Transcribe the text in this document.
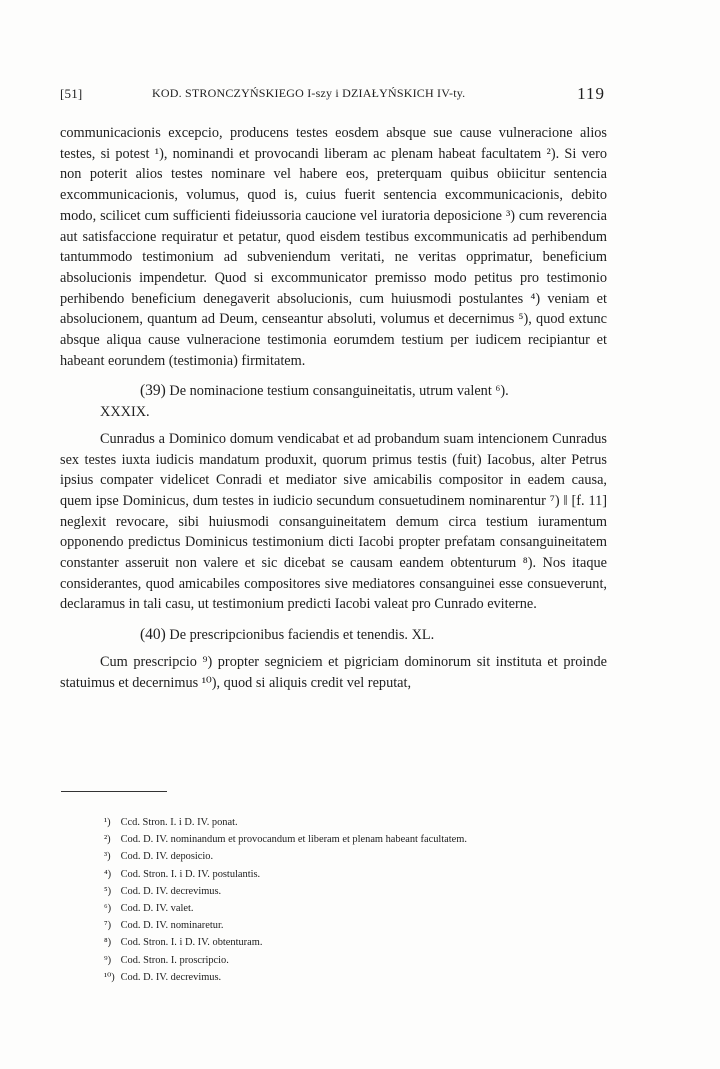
[51]	KOD. STRONCZYŃSKIEGO I-szy i DZIAŁYŃSKICH IV-ty.	119

communicacionis excepcio, producens testes eosdem absque sue cause vulneracione alios testes, si potest ¹), nominandi et provocandi liberam ac plenam habeat facultatem ²). Si vero non poterit alios testes nominare vel habere eos, preterquam quibus obiicitur sentencia excommunicacionis, volumus, quod is, cuius fuerit sentencia excommunicacionis, debito modo, scilicet cum sufficienti fideiussoria caucione vel iuratoria deposicione ³) cum reverencia aut satisfaccione requiratur et petatur, quod eisdem testibus excommunicatis ad perhibendum tantummodo testimonium ad subveniendum veritati, ne veritas opprimatur, beneficium absolucionis impendetur. Quod si excommunicator premisso modo petitus pro testimonio perhibendo beneficium denegaverit absolucionis, cum huiusmodi postulantes ⁴) veniam et absolucionem, quantum ad Deum, censeantur absoluti, volumus et decernimus ⁵), quod extunc absque aliqua cause vulneracione testimonia eorumdem testium per iudicem recipiantur et habeant eorundem (testimonia) firmitatem.

(39) De nominacione testium consanguineitatis, utrum valent ⁶).

XXXIX.

Cunradus a Dominico domum vendicabat et ad probandum suam intencionem Cunradus sex testes iuxta iudicis mandatum produxit, quorum primus testis (fuit) Iacobus, alter Petrus ipsius compater videlicet Conradi et mediator sive amicabilis compositor in eadem causa, quem ipse Dominicus, dum testes in iudicio secundum consuetudinem nominarentur ⁷) ‖ [f. 11] neglexit revocare, sibi huiusmodi consanguineitatem demum circa testium iuramentum opponendo predictus Dominicus testimonium dicti Iacobi propter prefatam consanguineitatem constanter asseruit non valere et sic dicebat se causam eandem obtenturum ⁸). Nos itaque considerantes, quod amicabiles compositores sive mediatores consanguinei esse consueverunt, declaramus in tali casu, ut testimonium predicti Iacobi valeat pro Cunrado eviterne.

(40) De prescripcionibus faciendis et tenendis. XL.

Cum prescripcio ⁹) propter segniciem et pigriciam dominorum sit instituta et proinde statuimus et decernimus ¹⁰), quod si aliquis credit vel reputat,

¹) Ccd. Stron. I. i D. IV. ponat.
²) Cod. D. IV. nominandum et provocandum et liberam et plenam habeant facultatem.
³) Cod. D. IV. deposicio.
⁴) Cod. Stron. I. i D. IV. postulantis.
⁵) Cod. D. IV. decrevimus.
⁶) Cod. D. IV. valet.
⁷) Cod. D. IV. nominaretur.
⁸) Cod. Stron. I. i D. IV. obtenturam.
⁹) Cod. Stron. I. proscripcio.
¹⁰) Cod. D. IV. decrevimus.
